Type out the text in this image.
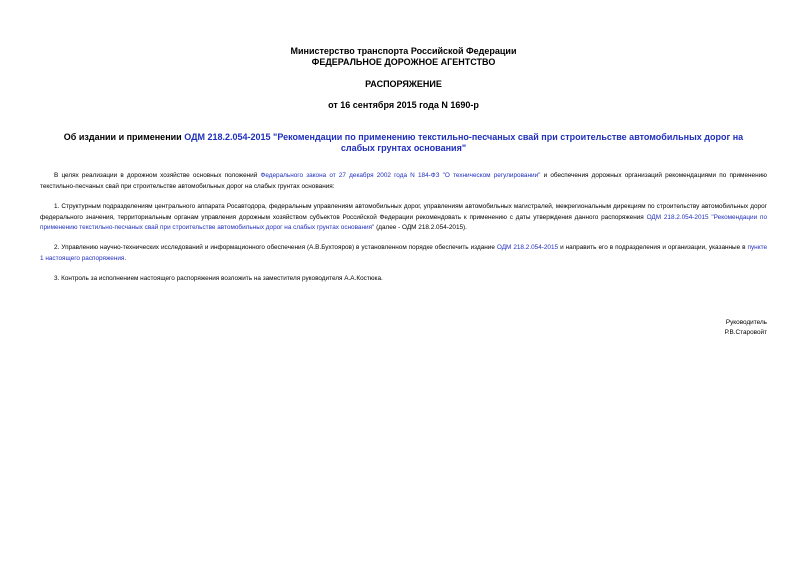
Министерство транспорта Российской Федерации
ФЕДЕРАЛЬНОЕ ДОРОЖНОЕ АГЕНТСТВО
РАСПОРЯЖЕНИЕ
от 16 сентября 2015 года N 1690-р
Об издании и применении ОДМ 218.2.054-2015 "Рекомендации по применению текстильно-песчаных свай при строительстве автомобильных дорог на слабых грунтах основания"
В целях реализации в дорожном хозяйстве основных положений Федерального закона от 27 декабря 2002 года N 184-ФЗ "О техническом регулировании" и обеспечения дорожных организаций рекомендациями по применению текстильно-песчаных свай при строительстве автомобильных дорог на слабых грунтах основания:
1. Структурным подразделениям центрального аппарата Росавтодора, федеральным управлениям автомобильных дорог, управлениям автомобильных магистралей, межрегиональным дирекциям по строительству автомобильных дорог федерального значения, территориальным органам управления дорожным хозяйством субъектов Российской Федерации рекомендовать к применению с даты утверждения данного распоряжения ОДМ 218.2.054-2015 "Рекомендации по применению текстильно-песчаных свай при строительстве автомобильных дорог на слабых грунтах основания" (далее - ОДМ 218.2.054-2015).
2. Управлению научно-технических исследований и информационного обеспечения (А.В.Бухтояров) в установленном порядке обеспечить издание ОДМ 218.2.054-2015 и направить его в подразделения и организации, указанные в пункте 1 настоящего распоряжения.
3. Контроль за исполнением настоящего распоряжения возложить на заместителя руководителя А.А.Костюка.
Руководитель
Р.В.Старовойт
